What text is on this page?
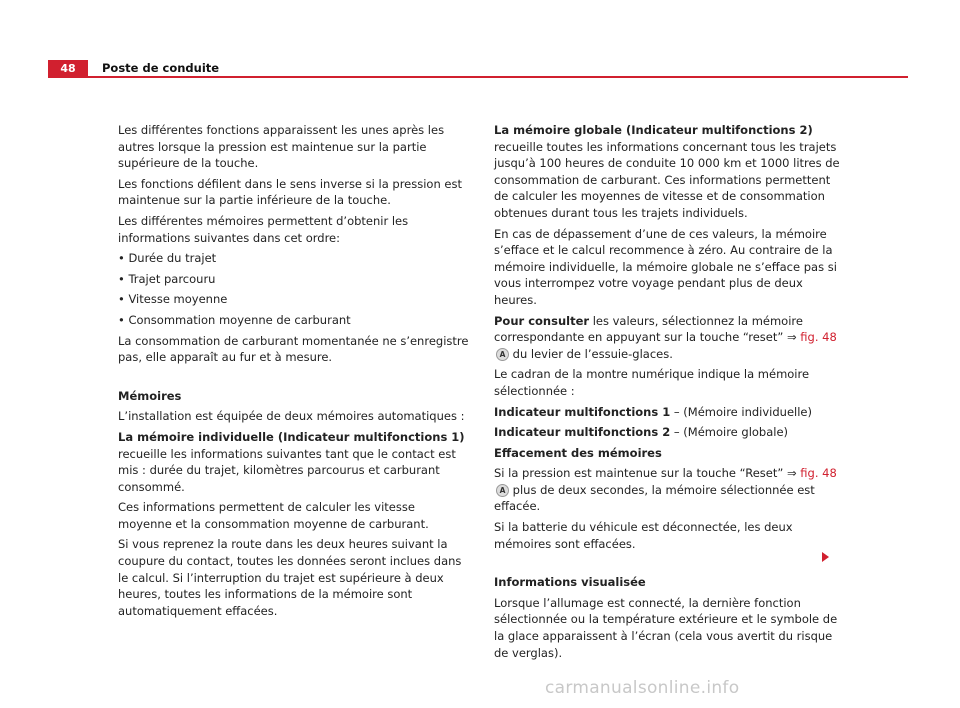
48	Poste de conduite

Les différentes fonctions apparaissent les unes après les autres lorsque la pression est maintenue sur la partie supérieure de la touche.

Les fonctions défilent dans le sens inverse si la pression est maintenue sur la partie inférieure de la touche.

Les différentes mémoires permettent d’obtenir les informations suivantes dans cet ordre:

• Durée du trajet

• Trajet parcouru

• Vitesse moyenne

• Consommation moyenne de carburant

La consommation de carburant momentanée ne s’enregistre pas, elle apparaît au fur et à mesure.

Mémoires

L’installation est équipée de deux mémoires automatiques :

La mémoire individuelle (Indicateur multifonctions 1) recueille les informations suivantes tant que le contact est mis : durée du trajet, kilomètres parcourus et carburant consommé.

Ces informations permettent de calculer les vitesse moyenne et la consommation moyenne de carburant.

Si vous reprenez la route dans les deux heures suivant la coupure du contact, toutes les données seront inclues dans le calcul. Si l’interruption du trajet est supérieure à deux heures, toutes les informations de la mémoire sont automatiquement effacées.

La mémoire globale (Indicateur multifonctions 2) recueille toutes les informations concernant tous les trajets jusqu’à 100 heures de conduite 10 000 km et 1000 litres de consommation de carburant. Ces informations permettent de calculer les moyennes de vitesse et de consommation obtenues durant tous les trajets individuels.

En cas de dépassement d’une de ces valeurs, la mémoire s’efface et le calcul recommence à zéro. Au contraire de la mémoire individuelle, la mémoire globale ne s’efface pas si vous interrompez votre voyage pendant plus de deux heures.

Pour consulter les valeurs, sélectionnez la mémoire correspondante en appuyant sur la touche “reset” ⇒ fig. 48 A du levier de l’essuie-glaces.

Le cadran de la montre numérique indique la mémoire sélectionnée :

Indicateur multifonctions 1 – (Mémoire individuelle)

Indicateur multifonctions 2 – (Mémoire globale)

Effacement des mémoires

Si la pression est maintenue sur la touche “Reset” ⇒ fig. 48 A plus de deux secondes, la mémoire sélectionnée est effacée.

Si la batterie du véhicule est déconnectée, les deux mémoires sont effacées.

Informations visualisée

Lorsque l’allumage est connecté, la dernière fonction sélectionnée ou la température extérieure et le symbole de la glace apparaissent à l’écran (cela vous avertit du risque de verglas).

carmanualsonline.info
